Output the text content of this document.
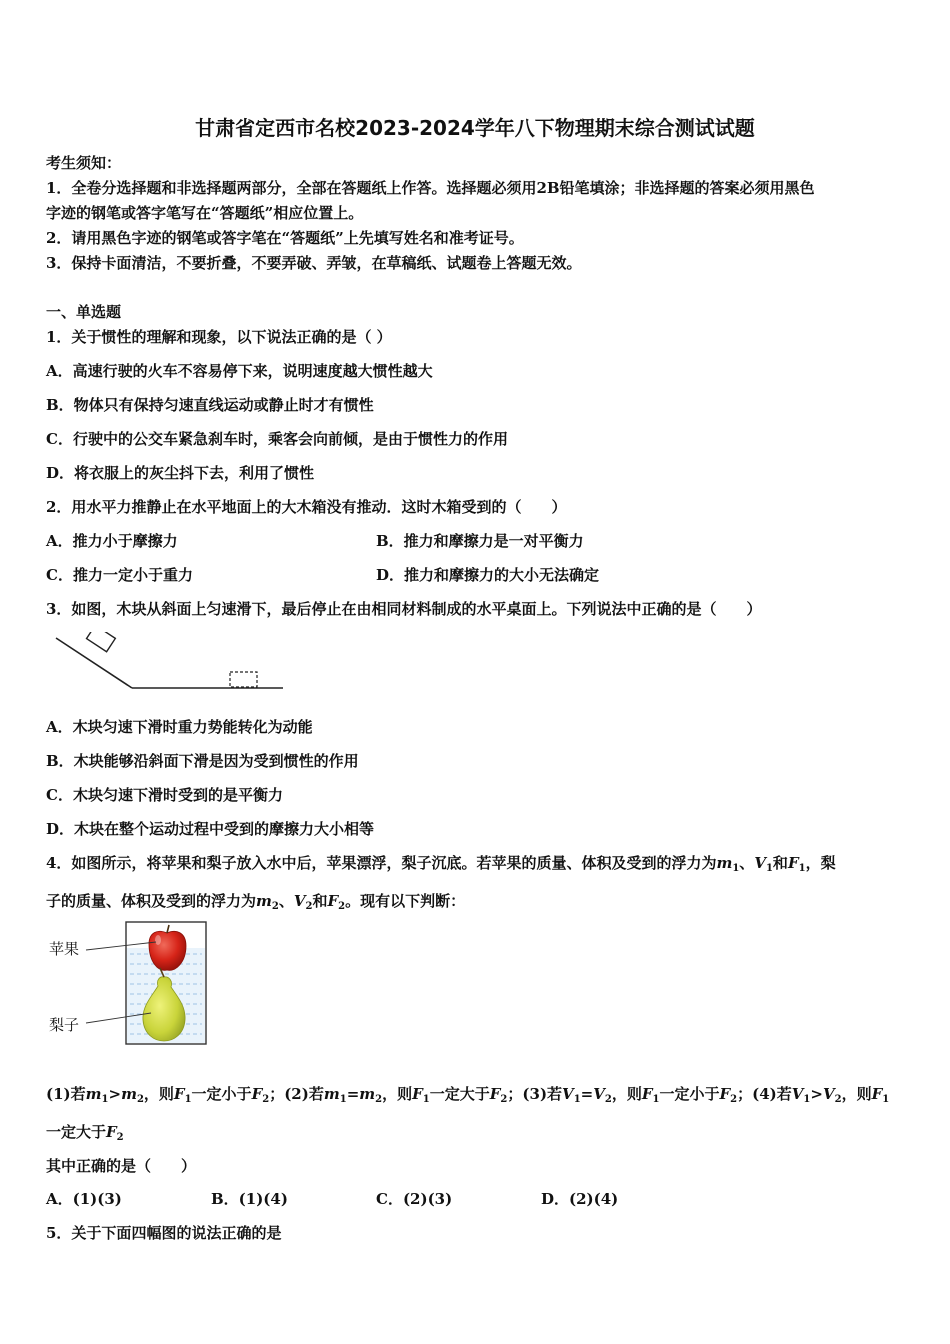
甘肃省定西市名校2023-2024学年八下物理期末综合测试试题
考生须知：
1．全卷分选择题和非选择题两部分，全部在答题纸上作答。选择题必须用2B铅笔填涂；非选择题的答案必须用黑色
字迹的钢笔或答字笔写在“答题纸”相应位置上。
2．请用黑色字迹的钢笔或答字笔在“答题纸”上先填写姓名和准考证号。
3．保持卡面清洁，不要折叠，不要弄破、弄皱，在草稿纸、试题卷上答题无效。
一、单选题
1．关于惯性的理解和现象，以下说法正确的是（ ）
A．高速行驶的火车不容易停下来，说明速度越大惯性越大
B．物体只有保持匀速直线运动或静止时才有惯性
C．行驶中的公交车紧急刹车时，乘客会向前倾，是由于惯性力的作用
D．将衣服上的灰尘抖下去，利用了惯性
2．用水平力推静止在水平地面上的大木箱没有推动．这时木箱受到的（　　）
A．推力小于摩擦力	B．推力和摩擦力是一对平衡力
C．推力一定小于重力	D．推力和摩擦力的大小无法确定
3．如图，木块从斜面上匀速滑下，最后停止在由相同材料制成的水平桌面上。下列说法中正确的是（　　）
A．木块匀速下滑时重力势能转化为动能
B．木块能够沿斜面下滑是因为受到惯性的作用
C．木块匀速下滑时受到的是平衡力
D．木块在整个运动过程中受到的摩擦力大小相等
4．如图所示，将苹果和梨子放入水中后，苹果漂浮，梨子沉底。若苹果的质量、体积及受到的浮力为$m_1$、$V_1$和$F_1$，梨
子的质量、体积及受到的浮力为$m_2$、$V_2$和$F_2$。现有以下判断：
苹果
梨子
(1)若$m_1>m_2$，则$F_1$一定小于$F_2$；(2)若$m_1=m_2$，则$F_1$一定大于$F_2$；(3)若$V_1=V_2$，则$F_1$一定小于$F_2$；(4)若$V_1>V_2$，则$F_1$
一定大于$F_2$
其中正确的是（　　）
A．(1)(3)	B．(1)(4)	C．(2)(3)	D．(2)(4)
5．关于下面四幅图的说法正确的是
